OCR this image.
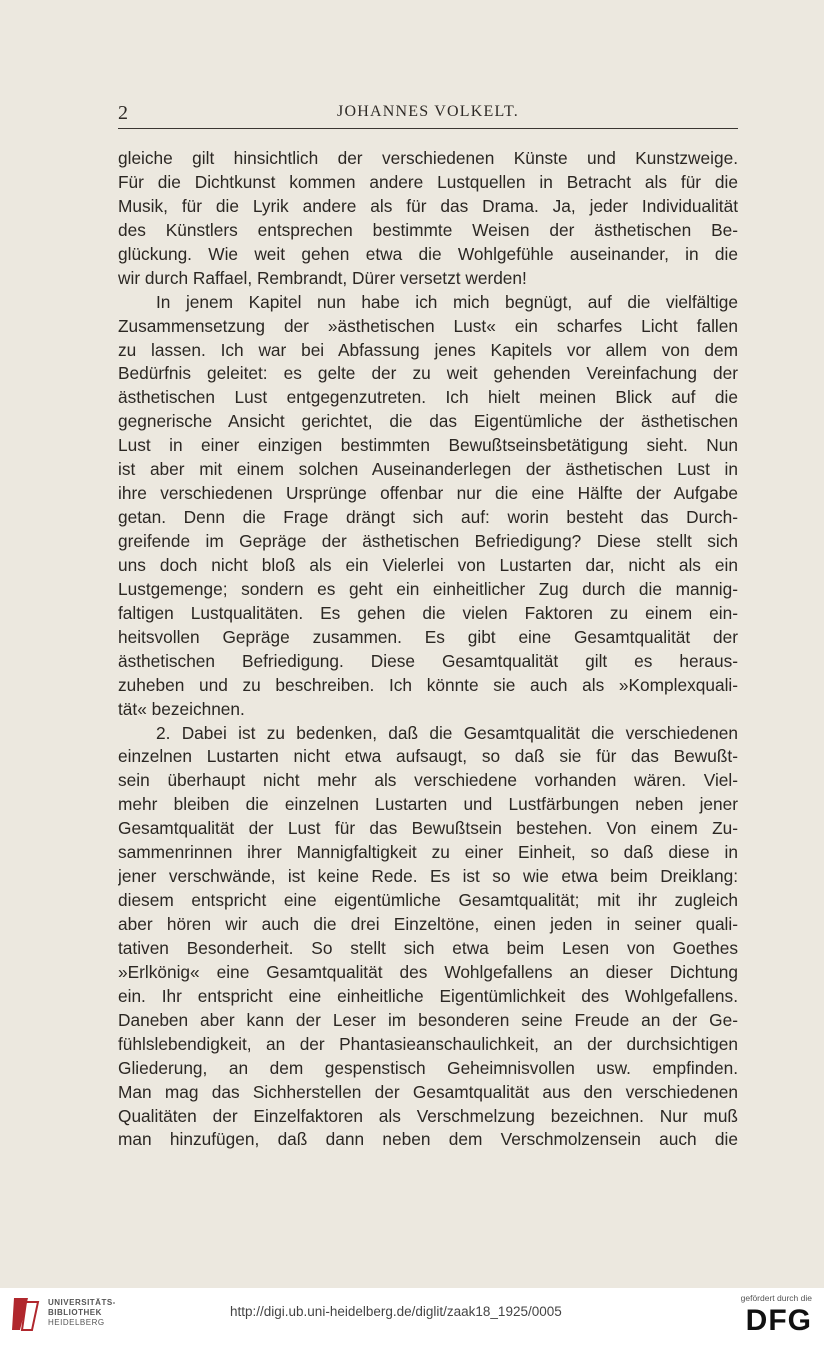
2	JOHANNES VOLKELT.
gleiche gilt hinsichtlich der verschiedenen Künste und Kunstzweige.
Für die Dichtkunst kommen andere Lustquellen in Betracht als für die
Musik, für die Lyrik andere als für das Drama. Ja, jeder Individualität
des Künstlers entsprechen bestimmte Weisen der ästhetischen Be-
glückung. Wie weit gehen etwa die Wohlgefühle auseinander, in die
wir durch Raffael, Rembrandt, Dürer versetzt werden!
In jenem Kapitel nun habe ich mich begnügt, auf die vielfältige
Zusammensetzung der »ästhetischen Lust« ein scharfes Licht fallen
zu lassen. Ich war bei Abfassung jenes Kapitels vor allem von dem
Bedürfnis geleitet: es gelte der zu weit gehenden Vereinfachung der
ästhetischen Lust entgegenzutreten. Ich hielt meinen Blick auf die
gegnerische Ansicht gerichtet, die das Eigentümliche der ästhetischen
Lust in einer einzigen bestimmten Bewußtseinsbetätigung sieht. Nun
ist aber mit einem solchen Auseinanderlegen der ästhetischen Lust in
ihre verschiedenen Ursprünge offenbar nur die eine Hälfte der Aufgabe
getan. Denn die Frage drängt sich auf: worin besteht das Durch-
greifende im Gepräge der ästhetischen Befriedigung? Diese stellt sich
uns doch nicht bloß als ein Vielerlei von Lustarten dar, nicht als ein
Lustgemenge; sondern es geht ein einheitlicher Zug durch die mannig-
faltigen Lustqualitäten. Es gehen die vielen Faktoren zu einem ein-
heitsvollen Gepräge zusammen. Es gibt eine Gesamtqualität der
ästhetischen Befriedigung. Diese Gesamtqualität gilt es heraus-
zuheben und zu beschreiben. Ich könnte sie auch als »Komplexquali-
tät« bezeichnen.
2. Dabei ist zu bedenken, daß die Gesamtqualität die verschiedenen
einzelnen Lustarten nicht etwa aufsaugt, so daß sie für das Bewußt-
sein überhaupt nicht mehr als verschiedene vorhanden wären. Viel-
mehr bleiben die einzelnen Lustarten und Lustfärbungen neben jener
Gesamtqualität der Lust für das Bewußtsein bestehen. Von einem Zu-
sammenrinnen ihrer Mannigfaltigkeit zu einer Einheit, so daß diese in
jener verschwände, ist keine Rede. Es ist so wie etwa beim Dreiklang:
diesem entspricht eine eigentümliche Gesamtqualität; mit ihr zugleich
aber hören wir auch die drei Einzeltöne, einen jeden in seiner quali-
tativen Besonderheit. So stellt sich etwa beim Lesen von Goethes
»Erlkönig« eine Gesamtqualität des Wohlgefallens an dieser Dichtung
ein. Ihr entspricht eine einheitliche Eigentümlichkeit des Wohlgefallens.
Daneben aber kann der Leser im besonderen seine Freude an der Ge-
fühlslebendigkeit, an der Phantasieanschaulichkeit, an der durchsichtigen
Gliederung, an dem gespenstisch Geheimnisvollen usw. empfinden.
Man mag das Sichherstellen der Gesamtqualität aus den verschiedenen
Qualitäten der Einzelfaktoren als Verschmelzung bezeichnen. Nur muß
man hinzufügen, daß dann neben dem Verschmolzensein auch die
UNIVERSITÄTS-
BIBLIOTHEK
HEIDELBERG
http://digi.ub.uni-heidelberg.de/diglit/zaak18_1925/0005
gefördert durch die
DFG
